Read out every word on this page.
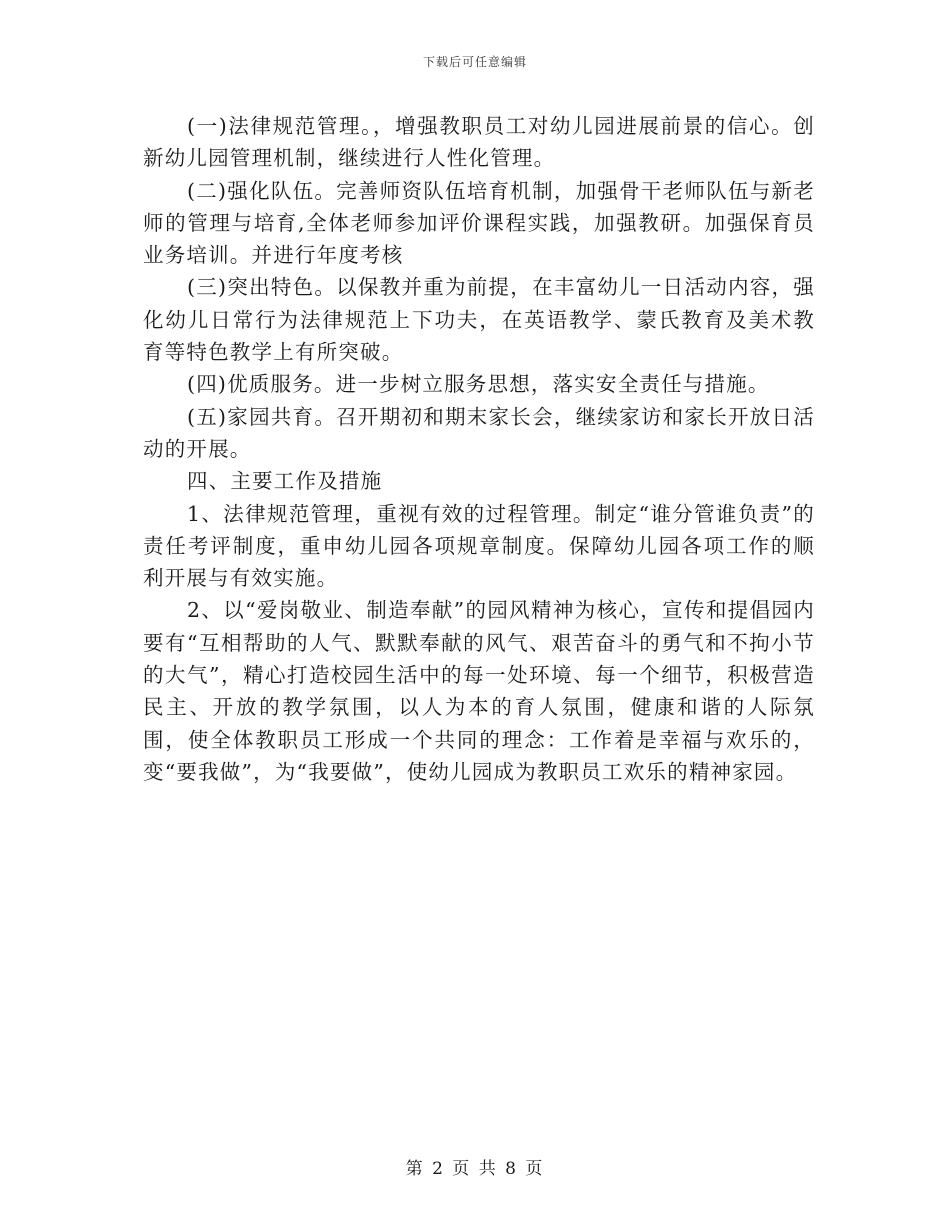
下载后可任意编辑

(一)法律规范管理。，增强教职员工对幼儿园进展前景的信心。创新幼儿园管理机制，继续进行人性化管理。

(二)强化队伍。完善师资队伍培育机制，加强骨干老师队伍与新老师的管理与培育,全体老师参加评价课程实践，加强教研。加强保育员业务培训。并进行年度考核

(三)突出特色。以保教并重为前提，在丰富幼儿一日活动内容，强化幼儿日常行为法律规范上下功夫，在英语教学、蒙氏教育及美术教育等特色教学上有所突破。

(四)优质服务。进一步树立服务思想，落实安全责任与措施。

(五)家园共育。召开期初和期末家长会，继续家访和家长开放日活动的开展。

四、主要工作及措施

1、法律规范管理，重视有效的过程管理。制定“谁分管谁负责”的责任考评制度，重申幼儿园各项规章制度。保障幼儿园各项工作的顺利开展与有效实施。

2、以“爱岗敬业、制造奉献”的园风精神为核心，宣传和提倡园内要有“互相帮助的人气、默默奉献的风气、艰苦奋斗的勇气和不拘小节的大气”，精心打造校园生活中的每一处环境、每一个细节，积极营造民主、开放的教学氛围，以人为本的育人氛围，健康和谐的人际氛围，使全体教职员工形成一个共同的理念：工作着是幸福与欢乐的，变“要我做”，为“我要做”，使幼儿园成为教职员工欢乐的精神家园。

第 2 页 共 8 页
